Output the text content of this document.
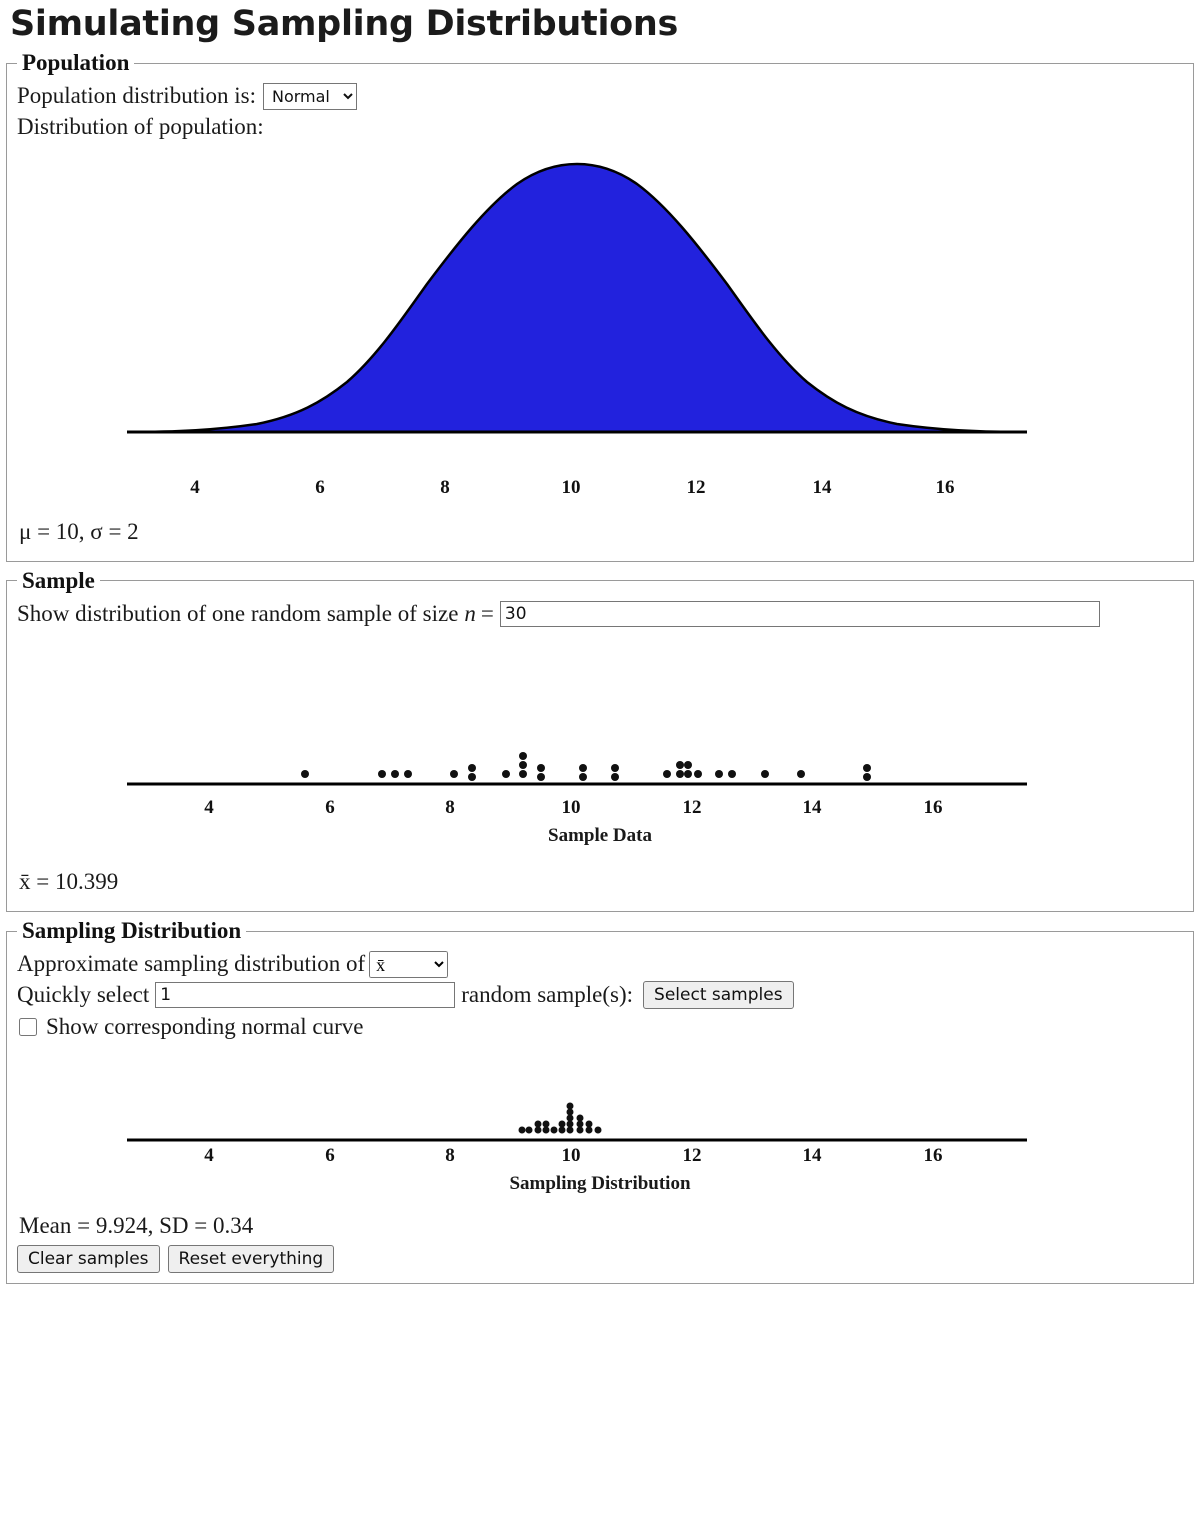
Simulating Sampling Distributions
Population
Population distribution is:
Normal
Distribution of population:
4	6	8	10	12	14	16
μ = 10, σ = 2
Sample
Show distribution of one random sample of size n =
30
4	6	8	10	12	14	16
Sample Data
x̄ = 10.399
Sampling Distribution
Approximate sampling distribution of
x̄
Quickly select
1	random sample(s):	Select samples
Show corresponding normal curve
4	6	8	10	12	14	16
Sampling Distribution
Mean = 9.924, SD = 0.34
Clear samples	Reset everything
